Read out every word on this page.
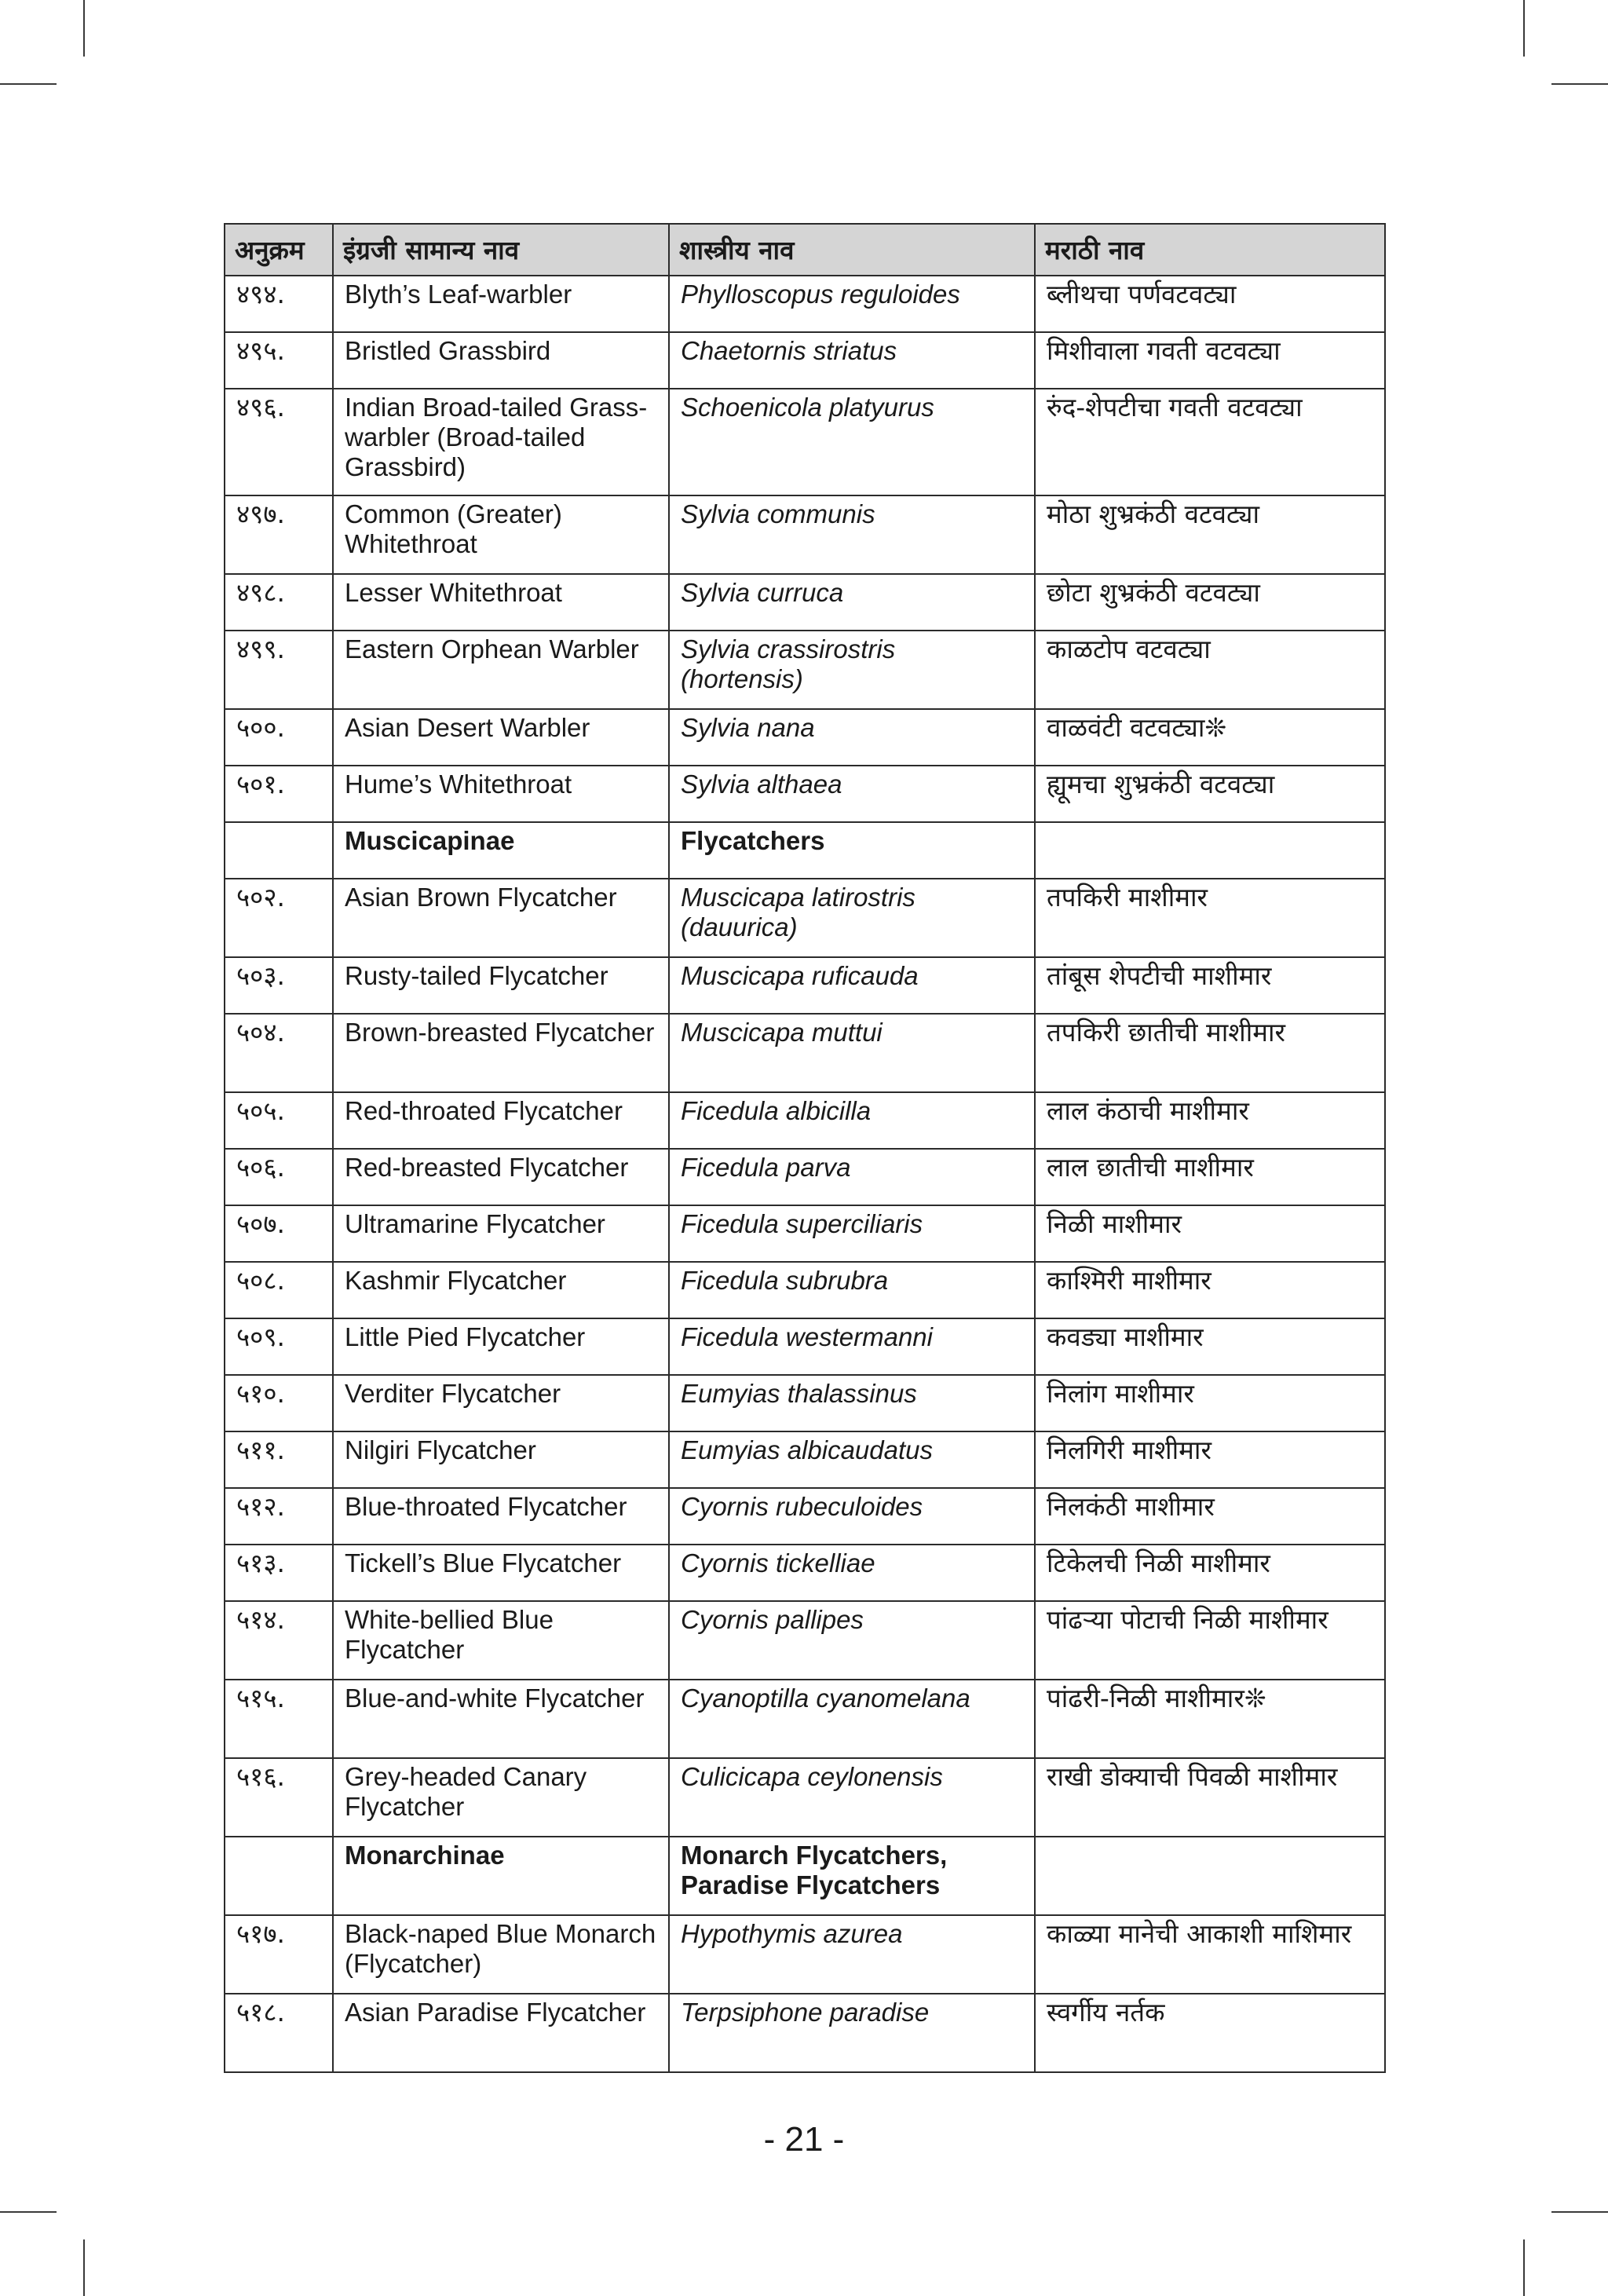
अनुक्रम	इंग्रजी सामान्य नाव	शास्त्रीय नाव	मराठी नाव
४९४.	Blyth’s Leaf-warbler	Phylloscopus reguloides	ब्लीथचा पर्णवटवट्या
४९५.	Bristled Grassbird	Chaetornis striatus	मिशीवाला गवती वटवट्या
४९६.	Indian Broad-tailed Grass-warbler (Broad-tailed Grassbird)	Schoenicola platyurus	रुंद-शेपटीचा गवती वटवट्या
४९७.	Common (Greater) Whitethroat	Sylvia communis	मोठा शुभ्रकंठी वटवट्या
४९८.	Lesser Whitethroat	Sylvia curruca	छोटा शुभ्रकंठी वटवट्या
४९९.	Eastern Orphean Warbler	Sylvia crassirostris (hortensis)	काळटोप वटवट्या
५००.	Asian Desert Warbler	Sylvia nana	वाळवंटी वटवट्या❊
५०१.	Hume’s Whitethroat	Sylvia althaea	ह्यूमचा शुभ्रकंठी वटवट्या
	Muscicapinae	Flycatchers	
५०२.	Asian Brown Flycatcher	Muscicapa latirostris (dauurica)	तपकिरी माशीमार
५०३.	Rusty-tailed Flycatcher	Muscicapa ruficauda	तांबूस शेपटीची माशीमार
५०४.	Brown-breasted Flycatcher	Muscicapa muttui	तपकिरी छातीची माशीमार
५०५.	Red-throated Flycatcher	Ficedula albicilla	लाल कंठाची माशीमार
५०६.	Red-breasted Flycatcher	Ficedula parva	लाल छातीची माशीमार
५०७.	Ultramarine Flycatcher	Ficedula superciliaris	निळी माशीमार
५०८.	Kashmir Flycatcher	Ficedula subrubra	काश्मिरी माशीमार
५०९.	Little Pied Flycatcher	Ficedula westermanni	कवड्या माशीमार
५१०.	Verditer Flycatcher	Eumyias thalassinus	निलांग माशीमार
५११.	Nilgiri Flycatcher	Eumyias albicaudatus	निलगिरी माशीमार
५१२.	Blue-throated Flycatcher	Cyornis rubeculoides	निलकंठी माशीमार
५१३.	Tickell’s Blue Flycatcher	Cyornis tickelliae	टिकेलची निळी माशीमार
५१४.	White-bellied Blue Flycatcher	Cyornis pallipes	पांढऱ्या पोटाची निळी माशीमार
५१५.	Blue-and-white Flycatcher	Cyanoptilla cyanomelana	पांढरी-निळी माशीमार❊
५१६.	Grey-headed Canary Flycatcher	Culicicapa ceylonensis	राखी डोक्याची पिवळी माशीमार
	Monarchinae	Monarch Flycatchers, Paradise Flycatchers	
५१७.	Black-naped Blue Monarch (Flycatcher)	Hypothymis azurea	काळ्या मानेची आकाशी माशिमार
५१८.	Asian Paradise Flycatcher	Terpsiphone paradise	स्वर्गीय नर्तक
- 21 -
